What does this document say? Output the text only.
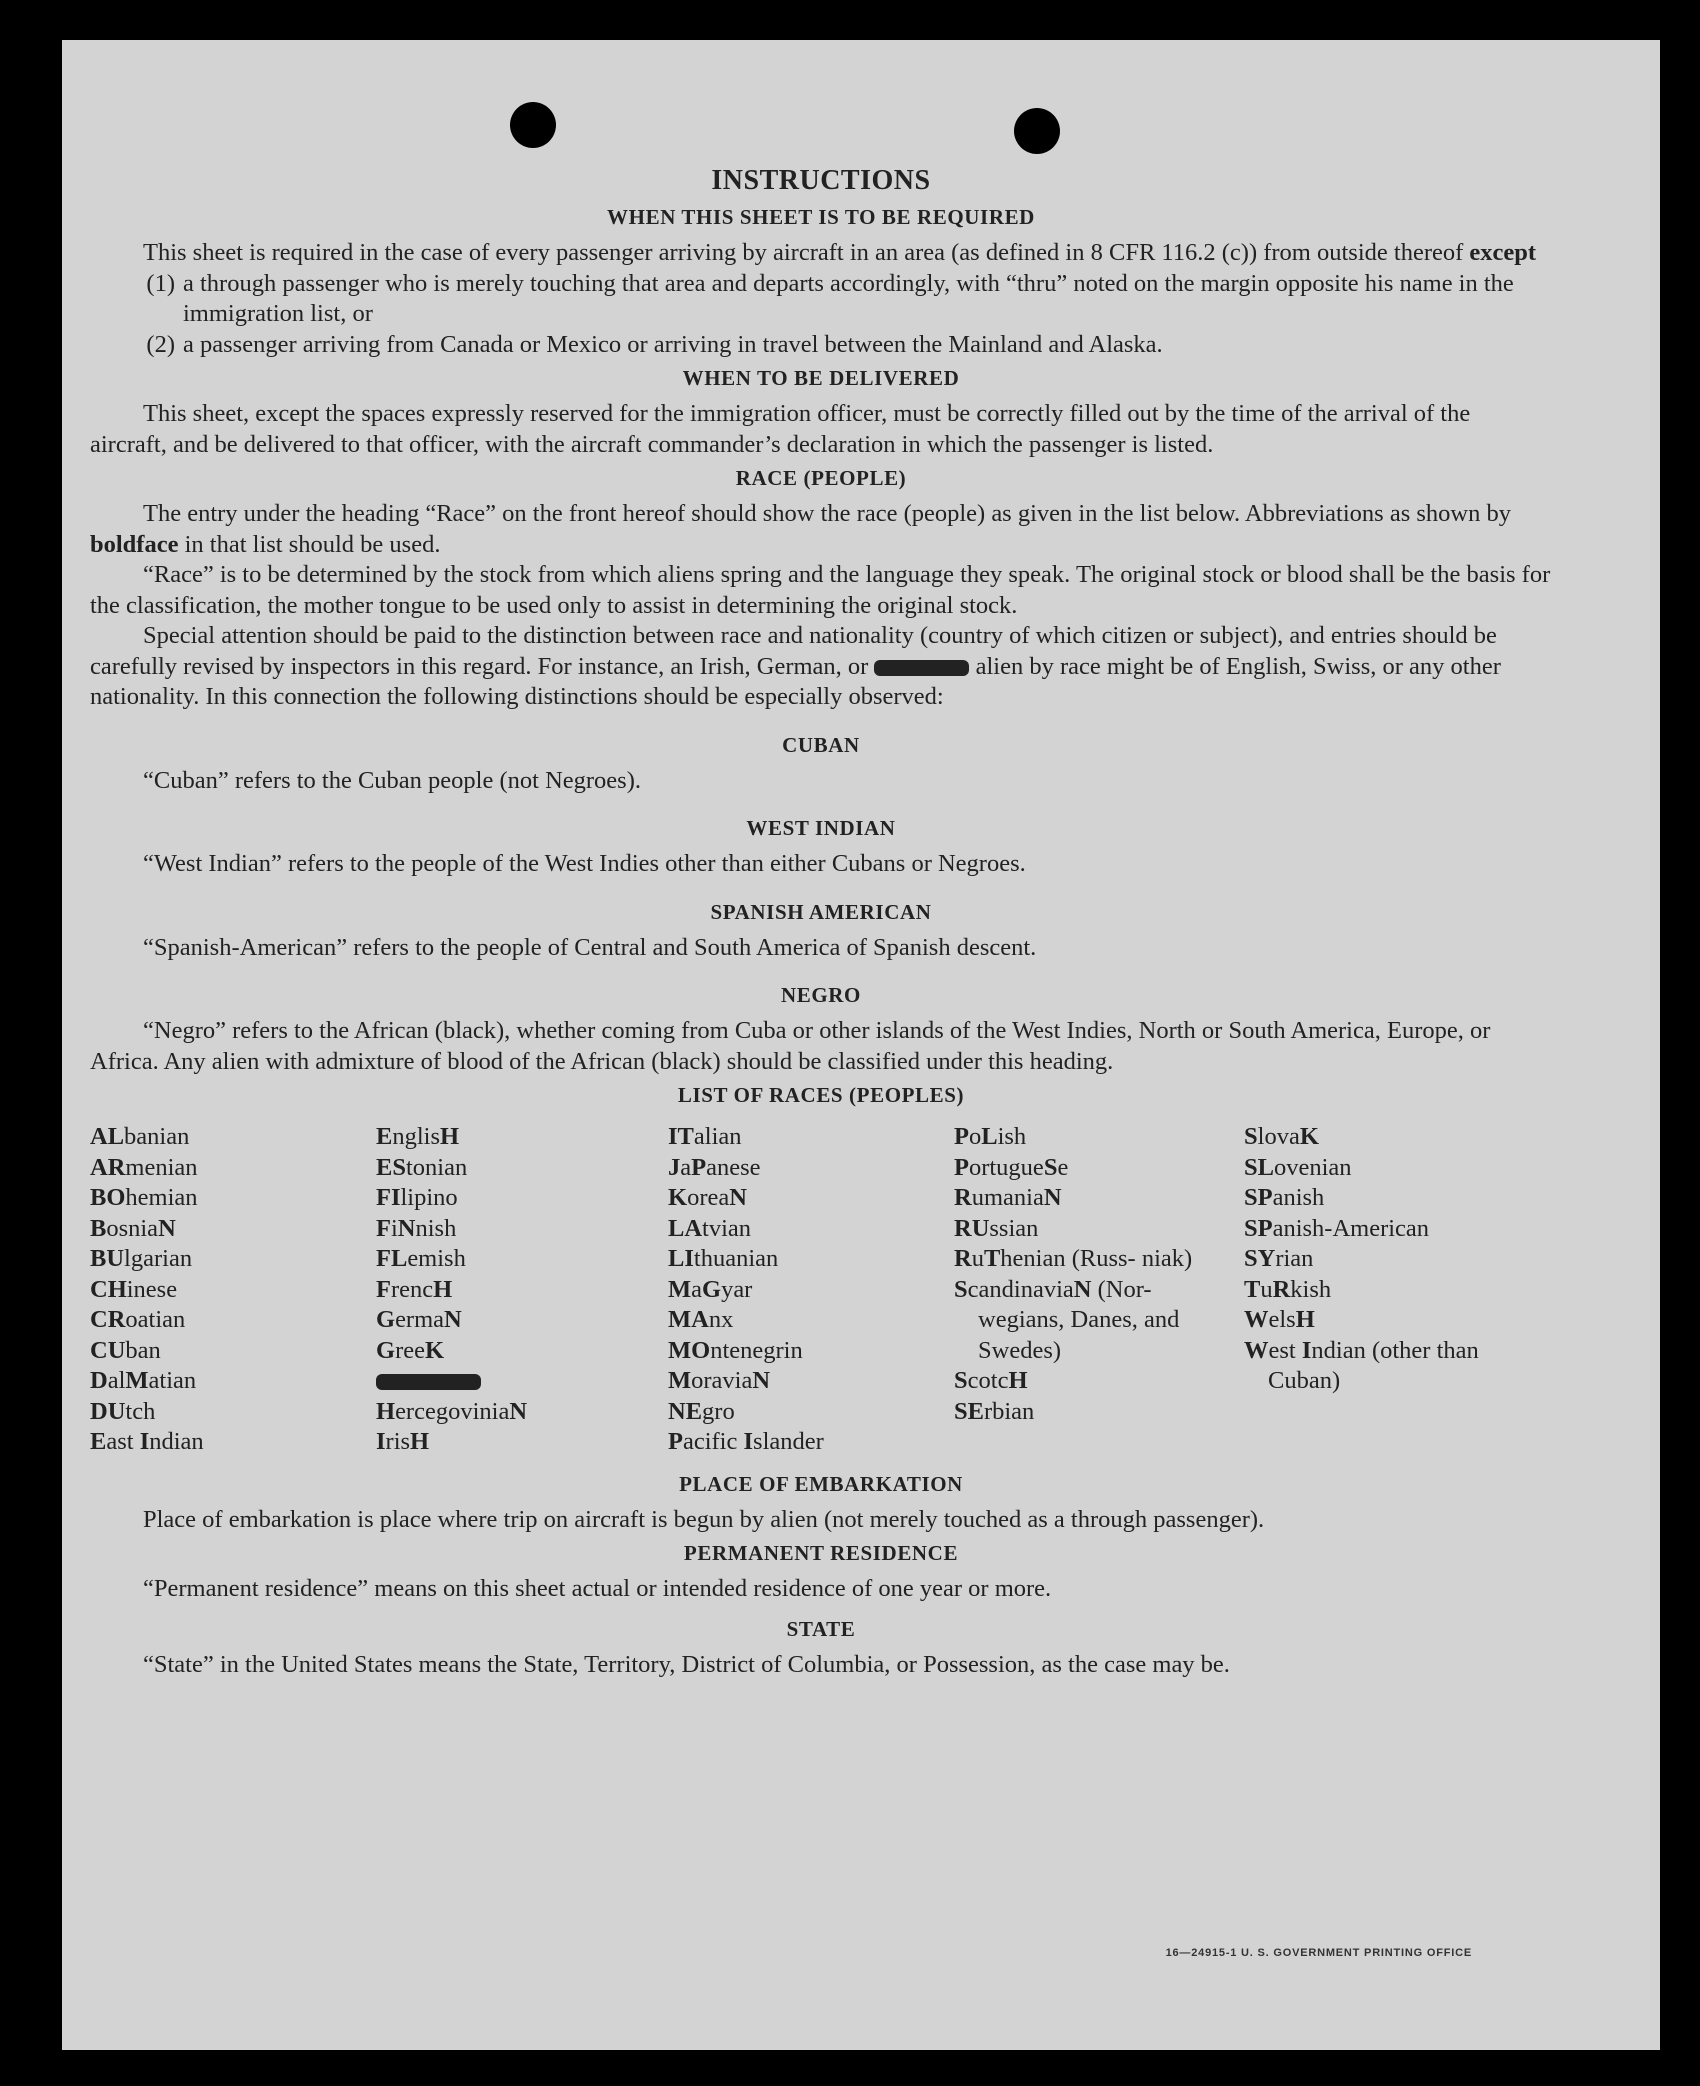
INSTRUCTIONS
WHEN THIS SHEET IS TO BE REQUIRED

This sheet is required in the case of every passenger arriving by aircraft in an area (as defined in 8 CFR 116.2 (c)) from outside thereof except

(1) a through passenger who is merely touching that area and departs accordingly, with “thru” noted on the margin opposite his name in the immigration list, or
(2) a passenger arriving from Canada or Mexico or arriving in travel between the Mainland and Alaska.
WHEN TO BE DELIVERED

This sheet, except the spaces expressly reserved for the immigration officer, must be correctly filled out by the time of the arrival of the aircraft, and be delivered to that officer, with the aircraft commander’s declaration in which the passenger is listed.

RACE (PEOPLE)

The entry under the heading “Race” on the front hereof should show the race (people) as given in the list below. Abbreviations as shown by boldface in that list should be used.

“Race” is to be determined by the stock from which aliens spring and the language they speak. The original stock or blood shall be the basis for the classification, the mother tongue to be used only to assist in determining the original stock.

Special attention should be paid to the distinction between race and nationality (country of which citizen or subject), and entries should be carefully revised by inspectors in this regard. For instance, an Irish, German, or	alien by race might be of English, Swiss, or any other nationality. In this connection the following distinctions should be especially observed:

CUBAN

“Cuban” refers to the Cuban people (not Negroes).

WEST INDIAN

“West Indian” refers to the people of the West Indies other than either Cubans or Negroes.

SPANISH AMERICAN

“Spanish-American” refers to the people of Central and South America of Spanish descent.

NEGRO

“Negro” refers to the African (black), whether coming from Cuba or other islands of the West Indies, North or South America, Europe, or Africa. Any alien with admixture of blood of the African (black) should be classified under this heading.

LIST OF RACES (PEOPLES)
ALbanian
ARmenian
BOhemian
BosniaN
BUlgarian
CHinese
CRoatian
CUban
DalMatian
DUtch
East Indian
EnglisH
EStonian
FIlipino
FiNnish
FLemish
FrencH
GermaN
GreeK
HercegoviniaN
IrisH
ITalian
JaPanese
KoreaN
LAtvian
LIthuanian
MaGyar
MAnx
MOntenegrin
MoraviaN
NEgro
Pacific Islander
PoLish
PortugueSe
RumaniaN
RUssian
RuThenian (Russ- niak)
ScandinaviaN (Nor- wegians, Danes, and Swedes)
ScotcH
SErbian
SlovaK
SLovenian
SPanish
SPanish-American
SYrian
TuRkish
WelsH
West Indian (other than Cuban)
PLACE OF EMBARKATION

Place of embarkation is place where trip on aircraft is begun by alien (not merely touched as a through passenger).

PERMANENT RESIDENCE

“Permanent residence” means on this sheet actual or intended residence of one year or more.

STATE

“State” in the United States means the State, Territory, District of Columbia, or Possession, as the case may be.

16—24915-1 U. S. GOVERNMENT PRINTING OFFICE
